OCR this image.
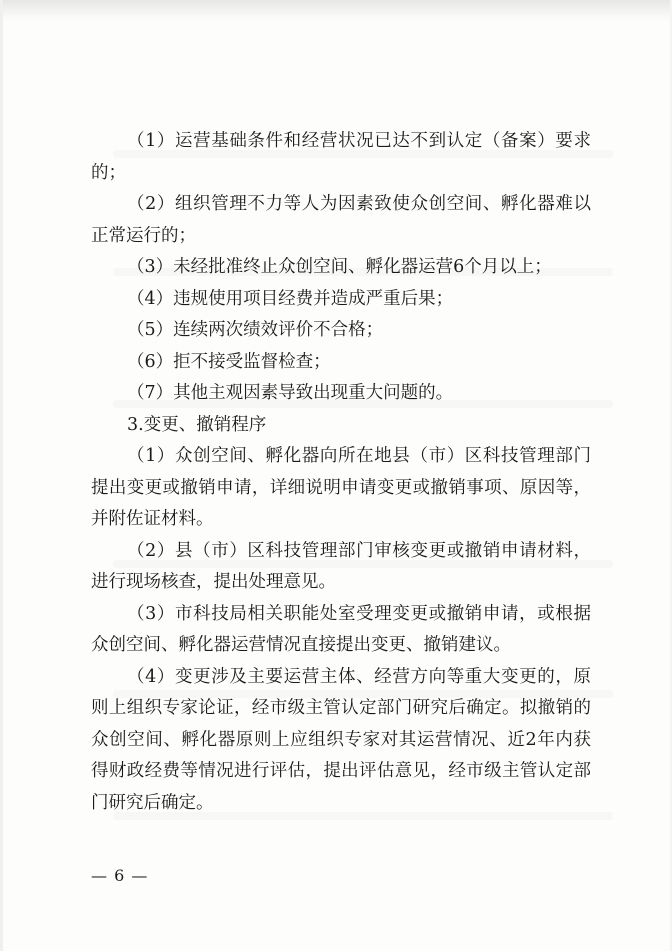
（1）运营基础条件和经营状况已达不到认定（备案）要求的；

（2）组织管理不力等人为因素致使众创空间、孵化器难以正常运行的；

（3）未经批准终止众创空间、孵化器运营6个月以上；

（4）违规使用项目经费并造成严重后果；

（5）连续两次绩效评价不合格；

（6）拒不接受监督检查；

（7）其他主观因素导致出现重大问题的。

3.变更、撤销程序

（1）众创空间、孵化器向所在地县（市）区科技管理部门提出变更或撤销申请，详细说明申请变更或撤销事项、原因等，并附佐证材料。

（2）县（市）区科技管理部门审核变更或撤销申请材料，进行现场核查，提出处理意见。

（3）市科技局相关职能处室受理变更或撤销申请，或根据众创空间、孵化器运营情况直接提出变更、撤销建议。

（4）变更涉及主要运营主体、经营方向等重大变更的，原则上组织专家论证，经市级主管认定部门研究后确定。拟撤销的众创空间、孵化器原则上应组织专家对其运营情况、近2年内获得财政经费等情况进行评估，提出评估意见，经市级主管认定部门研究后确定。

— 6 —
